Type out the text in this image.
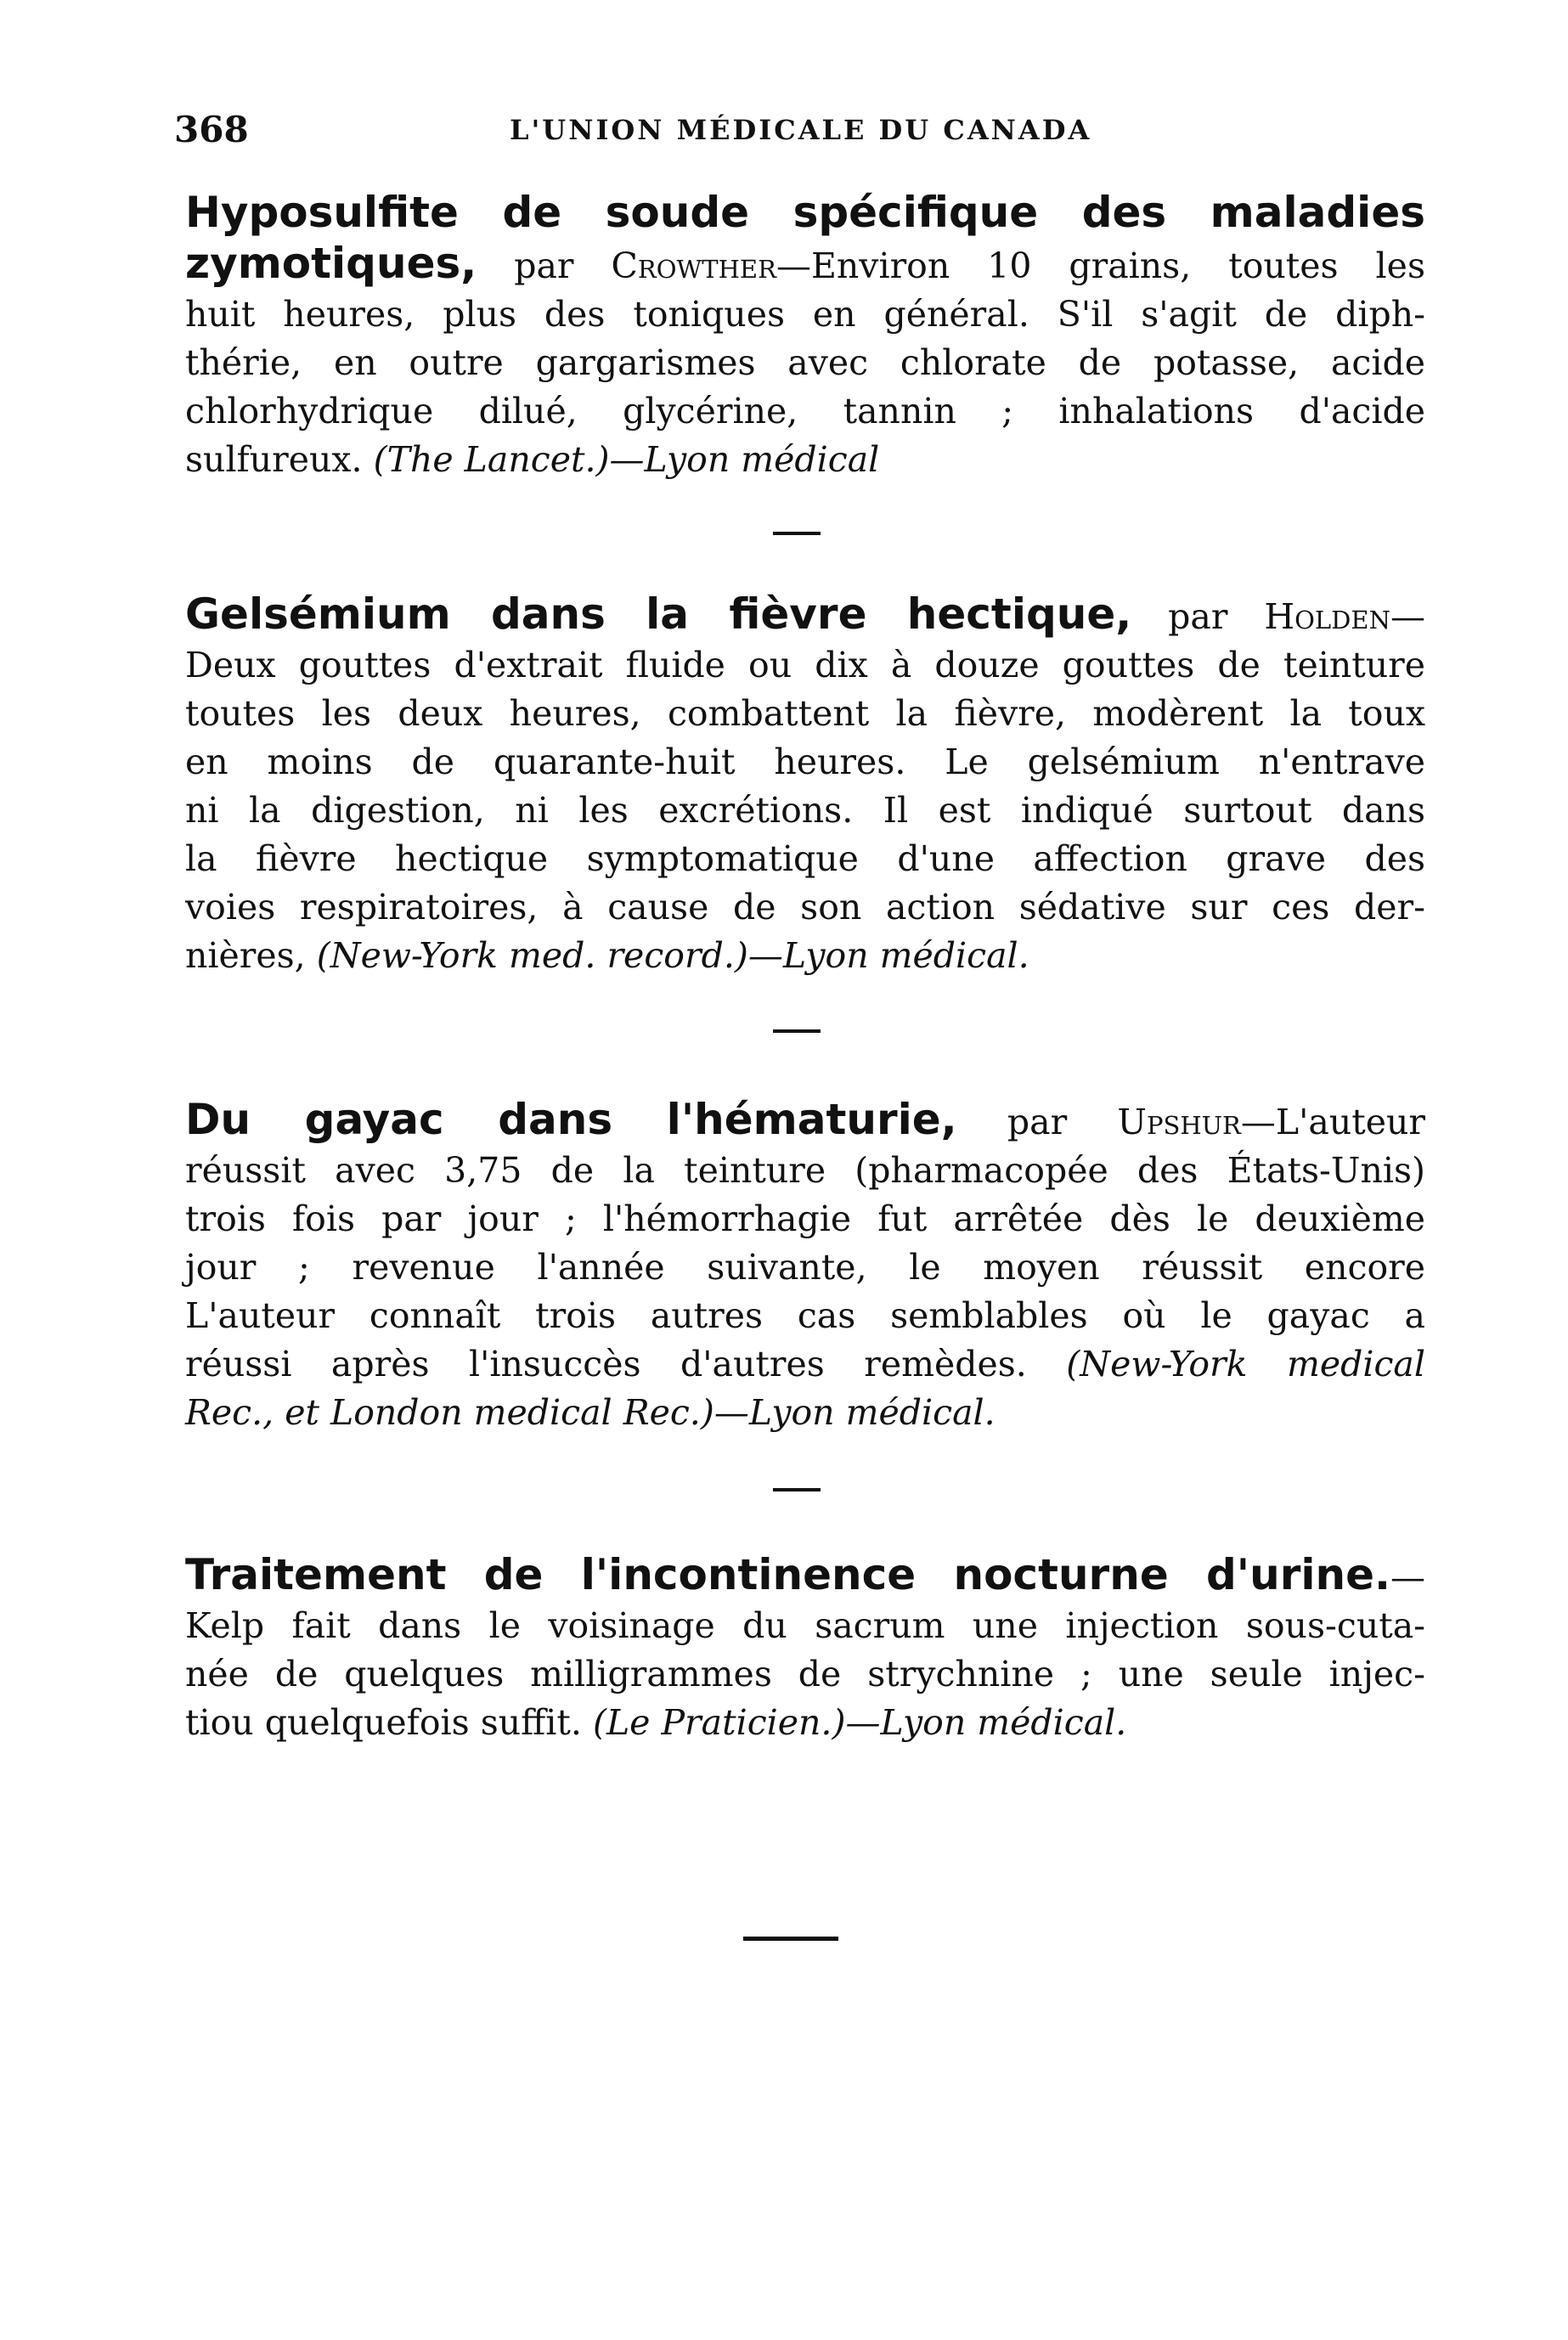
368	L'UNION MÉDICALE DU CANADA
Hyposulfite de soude spécifique des maladies
zymotiques, par Crowther—Environ 10 grains, toutes les
huit heures, plus des toniques en général. S'il s'agit de diph-
thérie, en outre gargarismes avec chlorate de potasse, acide
chlorhydrique dilué, glycérine, tannin ; inhalations d'acide
sulfureux. (The Lancet.)—Lyon médical
Gelsémium dans la fièvre hectique, par Holden—
Deux gouttes d'extrait fluide ou dix à douze gouttes de teinture
toutes les deux heures, combattent la fièvre, modèrent la toux
en moins de quarante-huit heures. Le gelsémium n'entrave
ni la digestion, ni les excrétions. Il est indiqué surtout dans
la fièvre hectique symptomatique d'une affection grave des
voies respiratoires, à cause de son action sédative sur ces der-
nières, (New-York med. record.)—Lyon médical.
Du gayac dans l'hématurie, par Upshur—L'auteur
réussit avec 3,75 de la teinture (pharmacopée des États-Unis)
trois fois par jour ; l'hémorrhagie fut arrêtée dès le deuxième
jour ; revenue l'année suivante, le moyen réussit encore
L'auteur connaît trois autres cas semblables où le gayac a
réussi après l'insuccès d'autres remèdes. (New-York medical
Rec., et London medical Rec.)—Lyon médical.
Traitement de l'incontinence nocturne d'urine.—
Kelp fait dans le voisinage du sacrum une injection sous-cuta-
née de quelques milligrammes de strychnine ; une seule injec-
tiou quelquefois suffit. (Le Praticien.)—Lyon médical.
